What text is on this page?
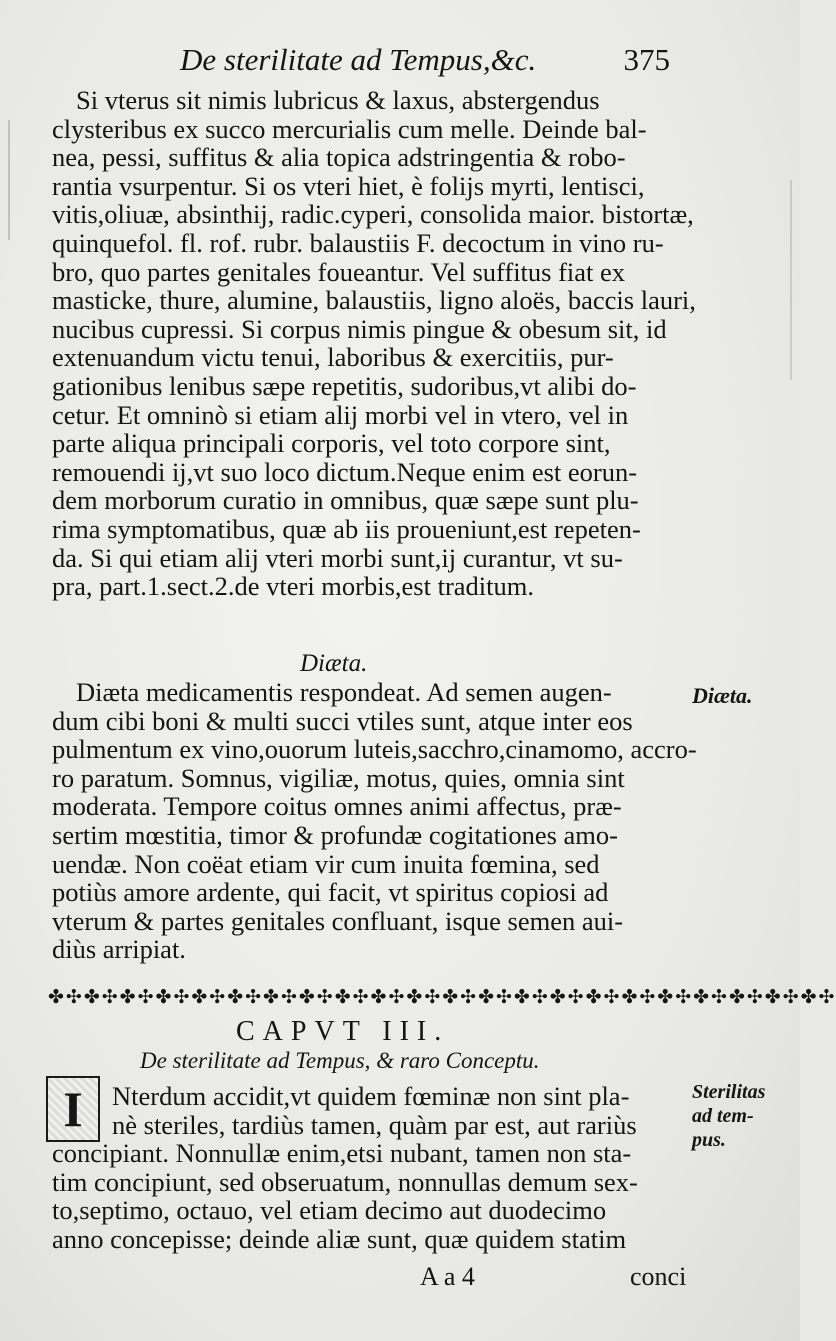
De sterilitate ad Tempus,&c.	375
Si vterus sit nimis lubricus & laxus, abstergendus
clysteribus ex succo mercurialis cum melle. Deinde bal-
nea, pessi, suffitus & alia topica adstringentia & robo-
rantia vsurpentur. Si os vteri hiet, è folijs myrti, lentisci,
vitis,oliuæ, absinthij, radic.cyperi, consolida maior. bistortæ,
quinquefol. fl. rof. rubr. balaustiis F. decoctum in vino ru-
bro, quo partes genitales foueantur. Vel suffitus fiat ex
masticke, thure, alumine, balaustiis, ligno aloës, baccis lauri,
nucibus cupressi. Si corpus nimis pingue & obesum sit, id
extenuandum victu tenui, laboribus & exercitiis, pur-
gationibus lenibus sæpe repetitis, sudoribus,vt alibi do-
cetur. Et omninò si etiam alij morbi vel in vtero, vel in
parte aliqua principali corporis, vel toto corpore sint,
remouendi ij,vt suo loco dictum.Neque enim est eorun-
dem morborum curatio in omnibus, quæ sæpe sunt plu-
rima symptomatibus, quæ ab iis proueniunt,est repeten-
da. Si qui etiam alij vteri morbi sunt,ij curantur, vt su-
pra, part.1.sect.2.de vteri morbis,est traditum.
Diæta.
Diæta medicamentis respondeat. Ad semen augen-
dum cibi boni & multi succi vtiles sunt, atque inter eos
pulmentum ex vino,ouorum luteis,sacchro,cinamomo, accro-
ro paratum. Somnus, vigiliæ, motus, quies, omnia sint
moderata. Tempore coitus omnes animi affectus, præ-
sertim mœstitia, timor & profundæ cogitationes amo-
uendæ. Non coëat etiam vir cum inuita fœmina, sed
potiùs amore ardente, qui facit, vt spiritus copiosi ad
vterum & partes genitales confluant, isque semen aui-
diùs arripiat.
Diæta.
✤✣✤✣✤✣✤✣✤✣✤✣✤✣✤✣✤✣✤✣✤✣✤✣✤✣✤✣✤✣✤✣✤✣✤✣✤✣✤✣✤✣✤✣
CAPVT III.
De sterilitate ad Tempus, & raro Conceptu.
I	Nterdum accidit,vt quidem fœminæ non sint pla-
nè steriles, tardiùs tamen, quàm par est, aut rariùs
concipiant. Nonnullæ enim,etsi nubant, tamen non sta-
tim concipiunt, sed obseruatum, nonnullas demum sex-
to,septimo, octauo, vel etiam decimo aut duodecimo
anno concepisse; deinde aliæ sunt, quæ quidem statim
Sterilitas
ad tem-
pus.
A a 4	conci
